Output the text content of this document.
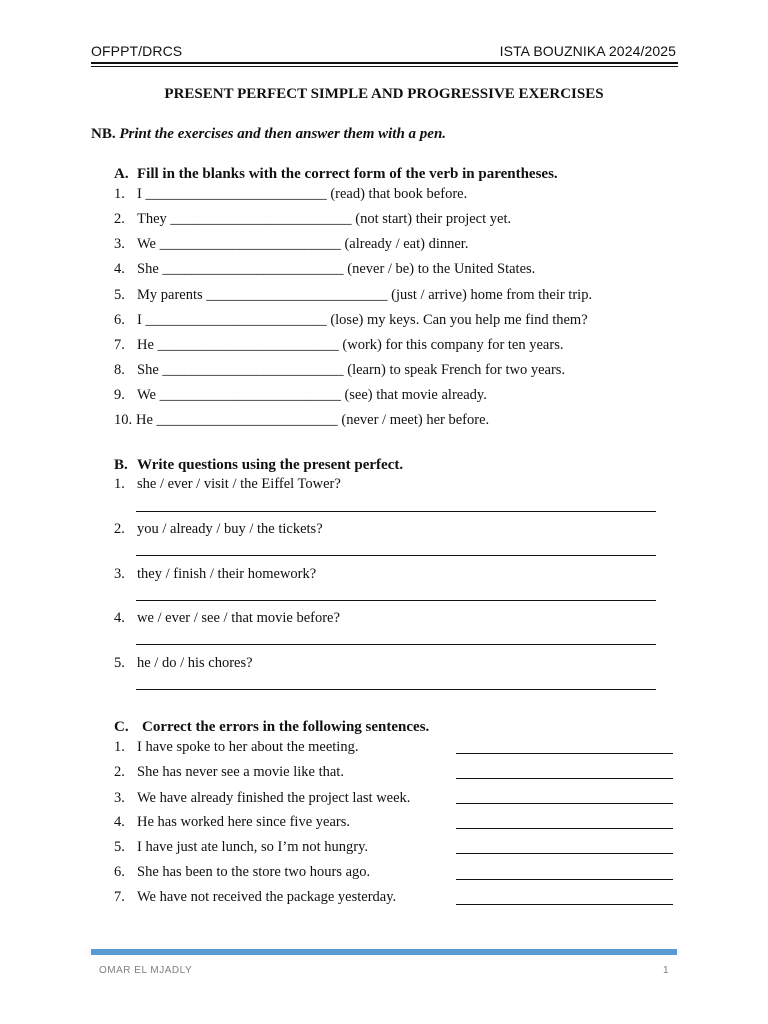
OFPPT/DRCS	ISTA BOUZNIKA 2024/2025
PRESENT PERFECT SIMPLE AND PROGRESSIVE EXERCISES
NB. Print the exercises and then answer them with a pen.
A. Fill in the blanks with the correct form of the verb in parentheses.
1. I _________________________ (read) that book before.
2. They _________________________ (not start) their project yet.
3. We _________________________ (already / eat) dinner.
4. She _________________________ (never / be) to the United States.
5. My parents _________________________ (just / arrive) home from their trip.
6. I _________________________ (lose) my keys. Can you help me find them?
7. He _________________________ (work) for this company for ten years.
8. She _________________________ (learn) to speak French for two years.
9. We _________________________ (see) that movie already.
10. He _________________________ (never / meet) her before.
B. Write questions using the present perfect.
1. she / ever / visit / the Eiffel Tower?
2. you / already / buy / the tickets?
3. they / finish / their homework?
4. we / ever / see / that movie before?
5. he / do / his chores?
C. Correct the errors in the following sentences.
1. I have spoke to her about the meeting.
2. She has never see a movie like that.
3. We have already finished the project last week.
4. He has worked here since five years.
5. I have just ate lunch, so I’m not hungry.
6. She has been to the store two hours ago.
7. We have not received the package yesterday.
OMAR EL MJADLY	1
